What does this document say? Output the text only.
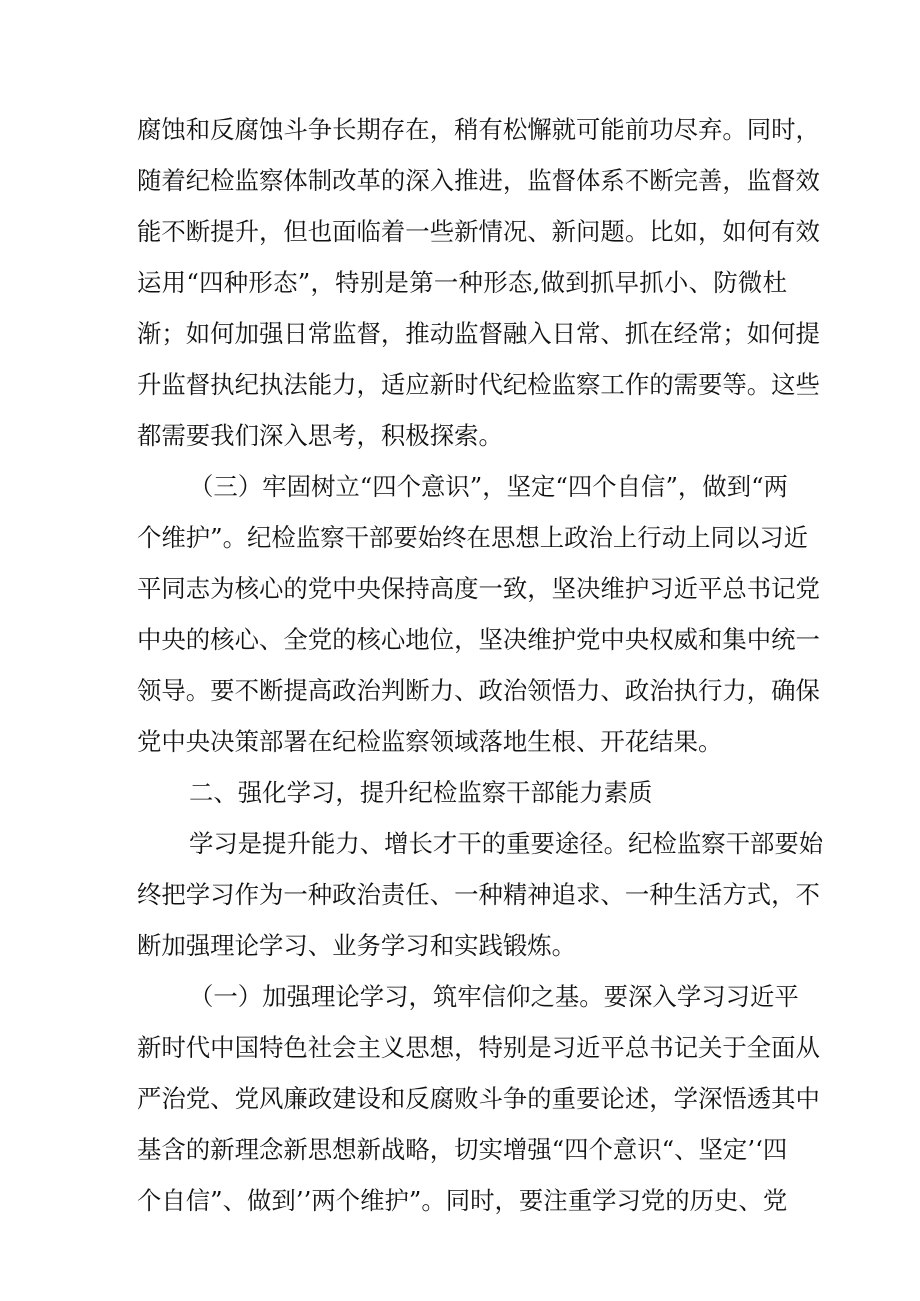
腐蚀和反腐蚀斗争长期存在，稍有松懈就可能前功尽弃。同时，
随着纪检监察体制改革的深入推进，监督体系不断完善，监督效
能不断提升，但也面临着一些新情况、新问题。比如，如何有效
运用“四种形态”，特别是第一种形态,做到抓早抓小、防微杜
渐；如何加强日常监督，推动监督融入日常、抓在经常；如何提
升监督执纪执法能力，适应新时代纪检监察工作的需要等。这些
都需要我们深入思考，积极探索。
（三）牢固树立“四个意识”，坚定“四个自信”，做到“两
个维护”。纪检监察干部要始终在思想上政治上行动上同以习近
平同志为核心的党中央保持高度一致，坚决维护习近平总书记党
中央的核心、全党的核心地位，坚决维护党中央权威和集中统一
领导。要不断提高政治判断力、政治领悟力、政治执行力，确保
党中央决策部署在纪检监察领域落地生根、开花结果。
二、强化学习，提升纪检监察干部能力素质
学习是提升能力、增长才干的重要途径。纪检监察干部要始
终把学习作为一种政治责任、一种精神追求、一种生活方式，不
断加强理论学习、业务学习和实践锻炼。
（一）加强理论学习，筑牢信仰之基。要深入学习习近平
新时代中国特色社会主义思想，特别是习近平总书记关于全面从
严治党、党风廉政建设和反腐败斗争的重要论述，学深悟透其中
基含的新理念新思想新战略，切实增强“四个意识“、坚定’‘四
个自信”、做到’’两个维护”。同时，要注重学习党的历史、党
